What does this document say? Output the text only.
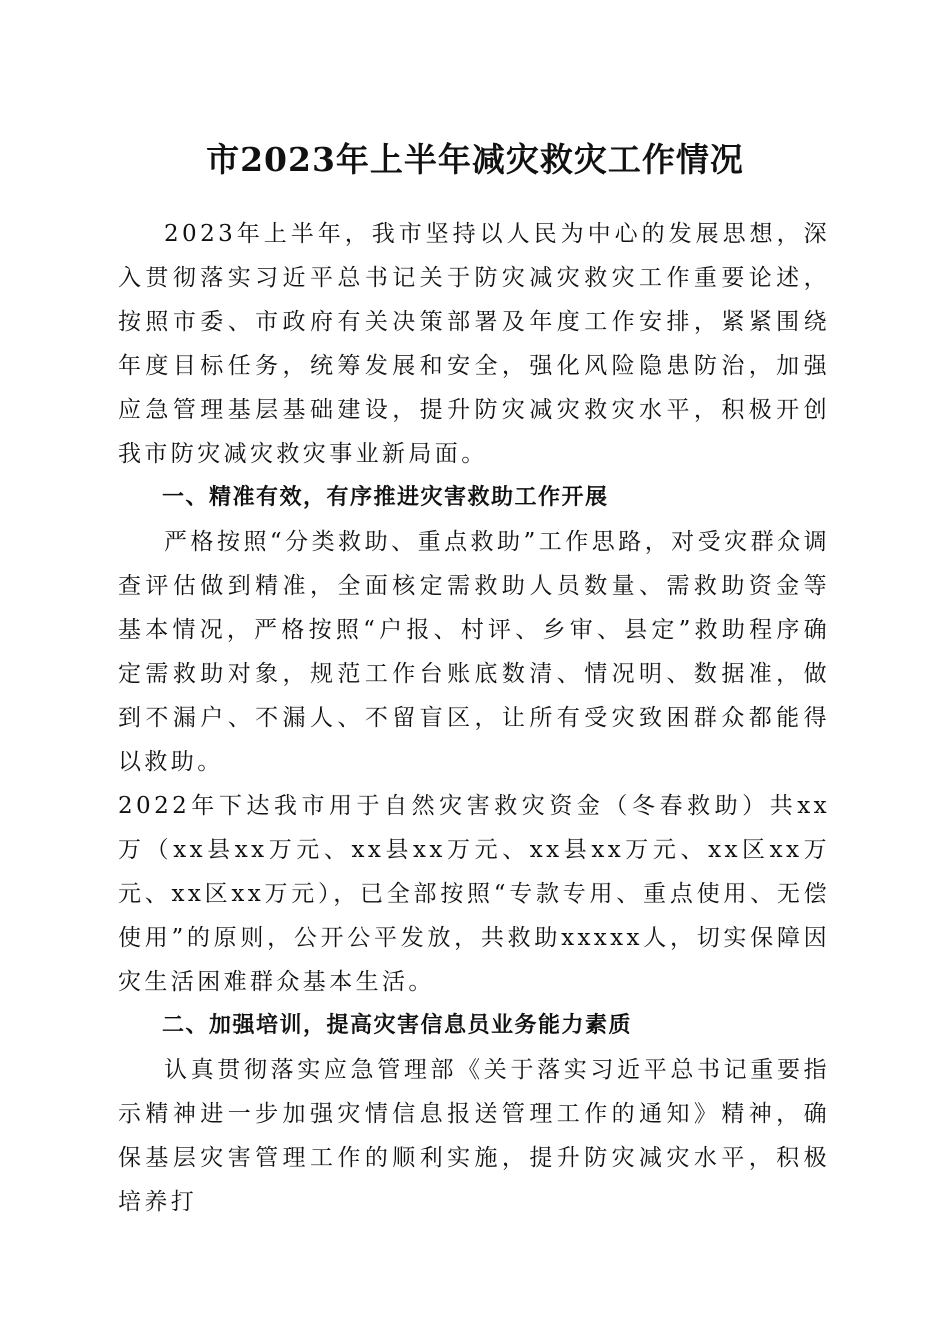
市2023年上半年减灾救灾工作情况

2023年上半年，我市坚持以人民为中心的发展思想，深入贯彻落实习近平总书记关于防灾减灾救灾工作重要论述，按照市委、市政府有关决策部署及年度工作安排，紧紧围绕年度目标任务，统筹发展和安全，强化风险隐患防治，加强应急管理基层基础建设，提升防灾减灾救灾水平，积极开创我市防灾减灾救灾事业新局面。

一、精准有效，有序推进灾害救助工作开展

严格按照“分类救助、重点救助”工作思路，对受灾群众调查评估做到精准，全面核定需救助人员数量、需救助资金等基本情况，严格按照“户报、村评、乡审、县定”救助程序确定需救助对象，规范工作台账底数清、情况明、数据准，做到不漏户、不漏人、不留盲区，让所有受灾致困群众都能得以救助。

2022年下达我市用于自然灾害救灾资金（冬春救助）共xx万（xx县xx万元、xx县xx万元、xx县xx万元、xx区xx万元、xx区xx万元），已全部按照“专款专用、重点使用、无偿使用”的原则，公开公平发放，共救助xxxxx人，切实保障因灾生活困难群众基本生活。

二、加强培训，提高灾害信息员业务能力素质

认真贯彻落实应急管理部《关于落实习近平总书记重要指示精神进一步加强灾情信息报送管理工作的通知》精神，确保基层灾害管理工作的顺利实施，提升防灾减灾水平，积极培养打
